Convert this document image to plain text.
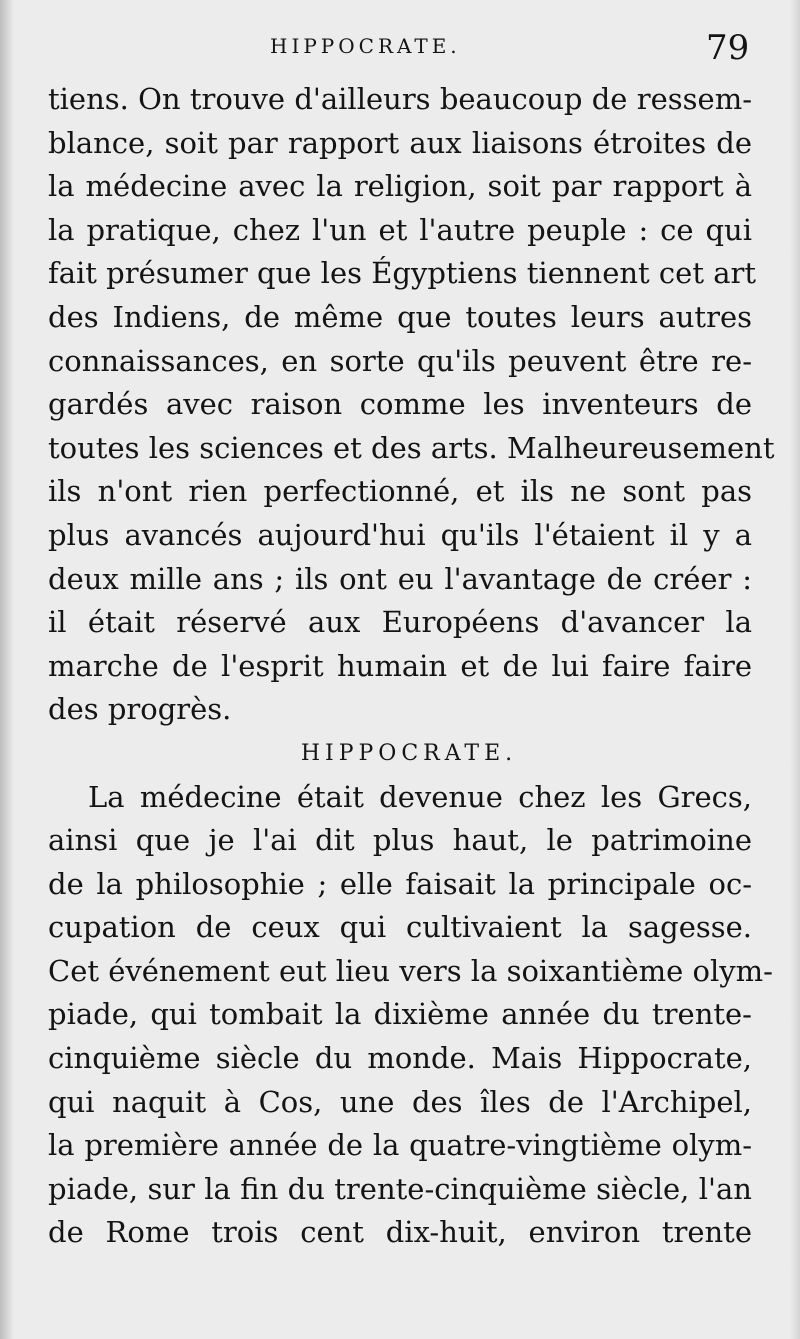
HIPPOCRATE.	79
tiens. On trouve d'ailleurs beaucoup de ressem-
blance, soit par rapport aux liaisons étroites de
la médecine avec la religion, soit par rapport à
la pratique, chez l'un et l'autre peuple : ce qui
fait présumer que les Égyptiens tiennent cet art
des Indiens, de même que toutes leurs autres
connaissances, en sorte qu'ils peuvent être re-
gardés avec raison comme les inventeurs de
toutes les sciences et des arts. Malheureusement
ils n'ont rien perfectionné, et ils ne sont pas
plus avancés aujourd'hui qu'ils l'étaient il y a
deux mille ans ; ils ont eu l'avantage de créer :
il était réservé aux Européens d'avancer la
marche de l'esprit humain et de lui faire faire
des progrès.
HIPPOCRATE.
La médecine était devenue chez les Grecs,
ainsi que je l'ai dit plus haut, le patrimoine
de la philosophie ; elle faisait la principale oc-
cupation de ceux qui cultivaient la sagesse.
Cet événement eut lieu vers la soixantième olym-
piade, qui tombait la dixième année du trente-
cinquième siècle du monde. Mais Hippocrate,
qui naquit à Cos, une des îles de l'Archipel,
la première année de la quatre-vingtième olym-
piade, sur la fin du trente-cinquième siècle, l'an
de Rome trois cent dix-huit, environ trente
